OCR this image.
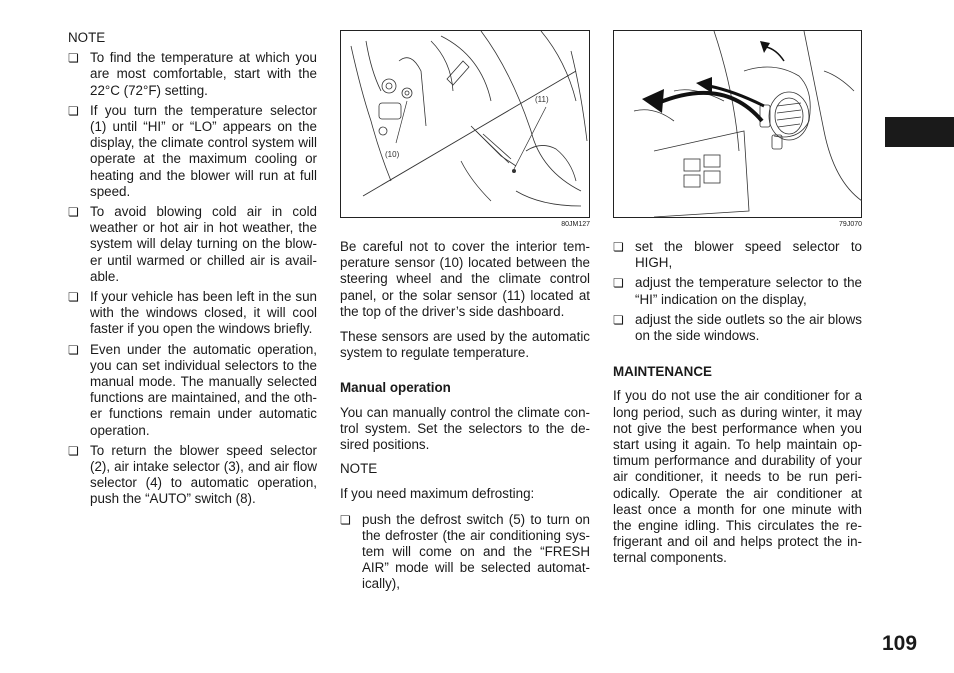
NOTE

❏ To find the temperature at which you are most comfortable, start with the 22°C (72°F) setting.
❏ If you turn the temperature selector (1) until “HI” or “LO” appears on the display, the climate control system will operate at the maximum cooling or heating and the blower will run at full speed.
❏ To avoid blowing cold air in cold weather or hot air in hot weather, the system will delay turning on the blow-er until warmed or chilled air is avail-able.
❏ If your vehicle has been left in the sun with the windows closed, it will cool faster if you open the windows briefly.
❏ Even under the automatic operation, you can set individual selectors to the manual mode. The manually selected functions are maintained, and the oth-er functions remain under automatic operation.
❏ To return the blower speed selector (2), air intake selector (3), and air flow selector (4) to automatic operation, push the “AUTO” switch (8).
(11)
(10)
80JM127

Be careful not to cover the interior tem-perature sensor (10) located between the steering wheel and the climate control panel, or the solar sensor (11) located at the top of the driver’s side dashboard.

These sensors are used by the automatic system to regulate temperature.

Manual operation

You can manually control the climate con-trol system. Set the selectors to the de-sired positions.

NOTE

If you need maximum defrosting:

❏ push the defrost switch (5) to turn on the defroster (the air conditioning sys-tem will come on and the “FRESH AIR” mode will be selected automat-ically),
79J070
❏ set the blower speed selector to HIGH,
❏ adjust the temperature selector to the “HI” indication on the display,
❏ adjust the side outlets so the air blows on the side windows.
MAINTENANCE

If you do not use the air conditioner for a long period, such as during winter, it may not give the best performance when you start using it again. To help maintain op-timum performance and durability of your air conditioner, it needs to be run peri-odically. Operate the air conditioner at least once a month for one minute with the engine idling. This circulates the re-frigerant and oil and helps protect the in-ternal components.

109
